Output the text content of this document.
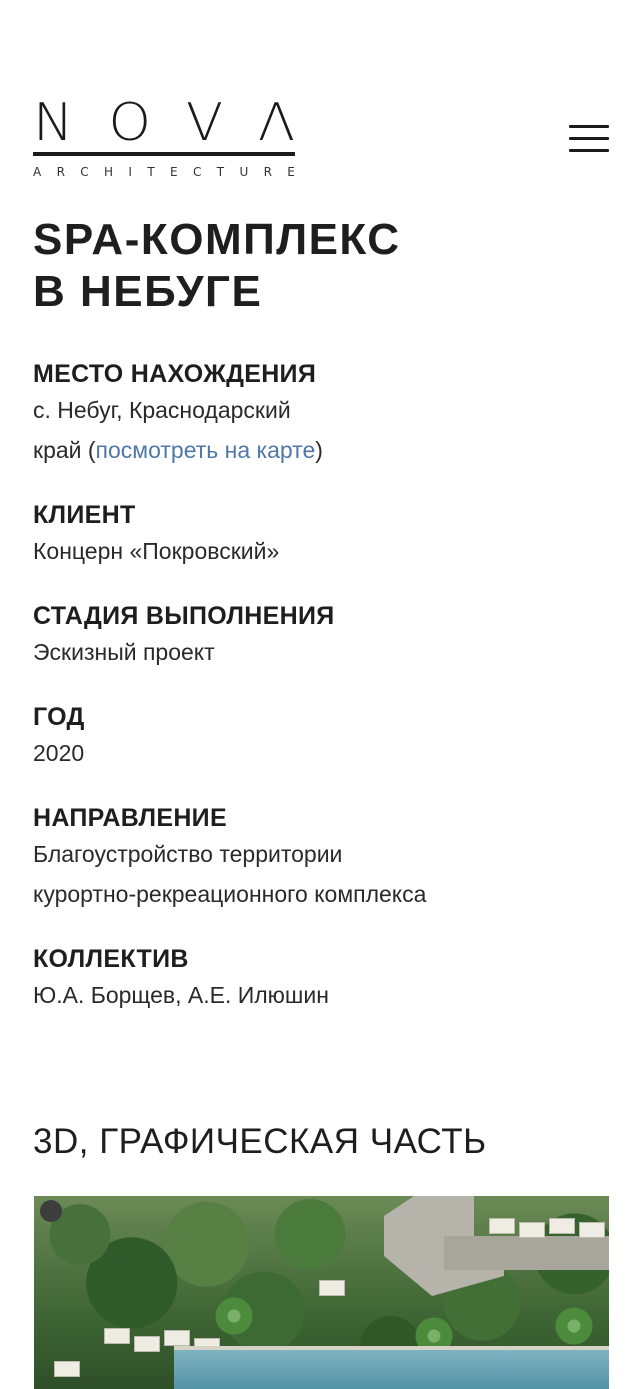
N O V Λ
A R C H I T E C T U R E
SPA-КОМПЛЕКС
В НЕБУГЕ
МЕСТО НАХОЖДЕНИЯ
с. Небуг, Краснодарский
край (посмотреть на карте)
КЛИЕНТ
Концерн «Покровский»
СТАДИЯ ВЫПОЛНЕНИЯ
Эскизный проект
ГОД
2020
НАПРАВЛЕНИЕ
Благоустройство территории
курортно-рекреационного комплекса
КОЛЛЕКТИВ
Ю.А. Борщев, А.Е. Илюшин
3D, ГРАФИЧЕСКАЯ ЧАСТЬ
